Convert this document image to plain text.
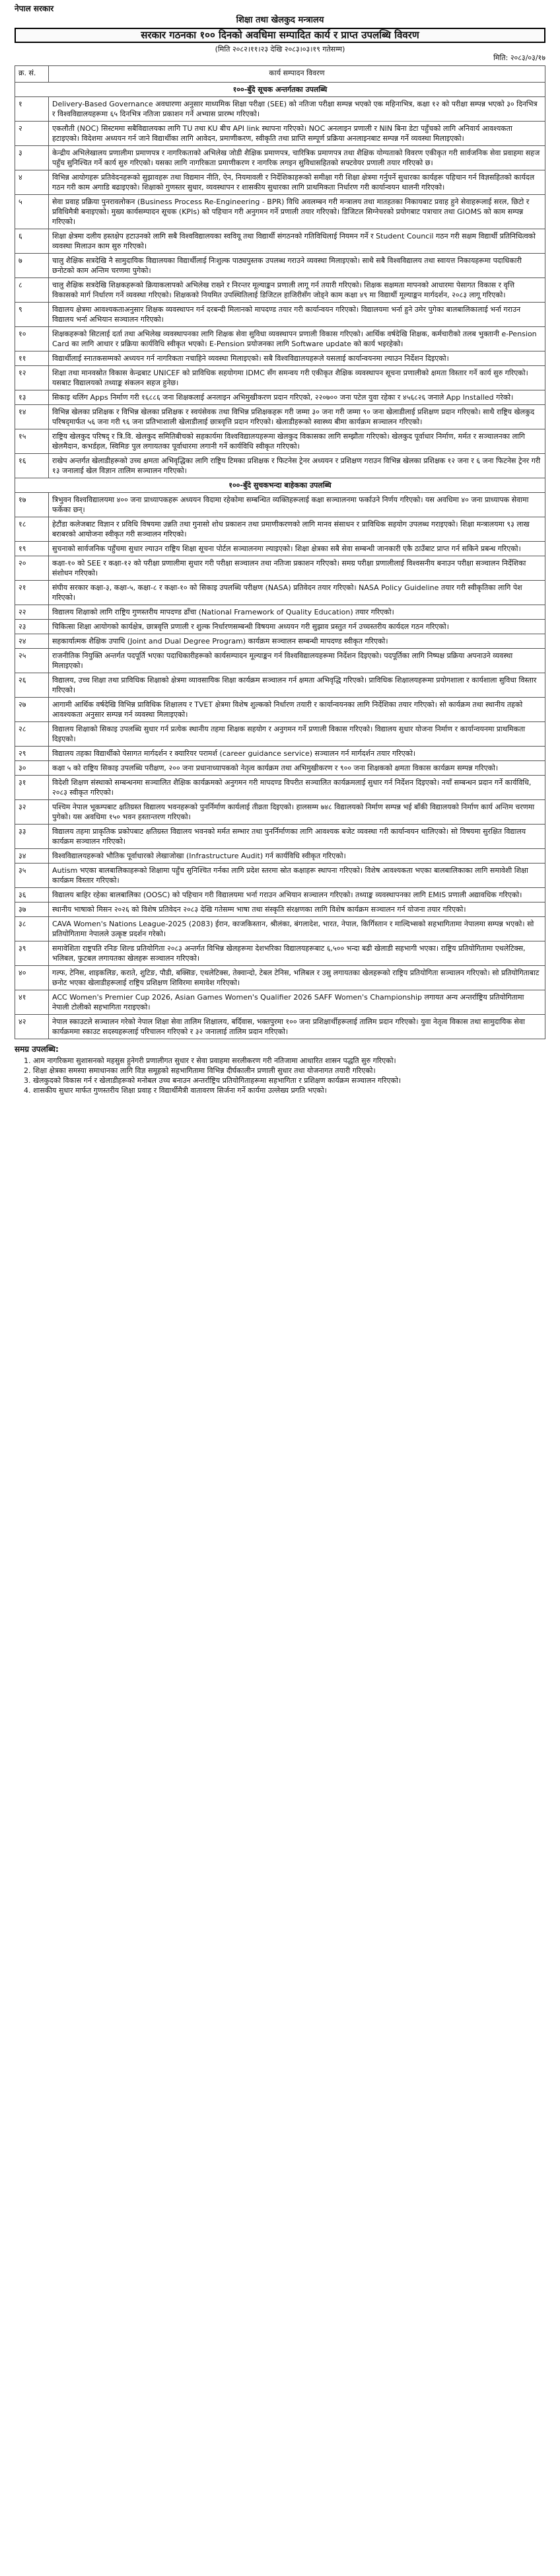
नेपाल सरकार
शिक्षा तथा खेलकुद मन्त्रालय
सरकार गठनका १०० दिनको अवधिमा सम्पादित कार्य र प्राप्त उपलब्धि विवरण
(मिति २०८२।११।२३ देखि २०८३।०३।१९ गतेसम्म)
मिति: २०८३/०३/१७
क्र. सं.	कार्य सम्पादन विवरण
१००-बुँदे सूचक अन्तर्गतका उपलब्धि	
१	Delivery-Based Governance अवधारणा अनुसार माध्यमिक शिक्षा परीक्षा (SEE) को नतिजा परीक्षा सम्पन्न भएको एक महिनाभित्र, कक्षा १२ को परीक्षा सम्पन्न भएको ३० दिनभित्र र विश्वविद्यालयहरूमा ६५ दिनभित्र नतिजा प्रकाशन गर्ने अभ्यास प्रारम्भ गरिएको।
२	एकलौती (NOC) सिस्टममा सबैविद्यालयका लागि TU तथा KU बीच API link स्थापना गरिएको। NOC अनलाइन प्रणाली र NIN बिना डेटा पहुँचको लागि अनिवार्य आवश्यकता हटाइएको। विदेशमा अध्ययन गर्न जाने विद्यार्थीका लागि आवेदन, प्रमाणीकरण, स्वीकृति तथा प्राप्ति सम्पूर्ण प्रक्रिया अनलाइनबाट सम्पन्न गर्ने व्यवस्था मिलाइएको।
३	केन्द्रीय अभिलेखालय प्रणालीमा प्रमाणपत्र र नागरिकताको अभिलेख जोडी शैक्षिक प्रमाणपत्र, चारित्रिक प्रमाणपत्र तथा शैक्षिक योग्यताको विवरण एकीकृत गरी सार्वजनिक सेवा प्रवाहमा सहज पहुँच सुनिश्चित गर्ने कार्य सुरु गरिएको। यसका लागि नागरिकता प्रमाणीकरण र नागरिक लगइन सुविधासहितको सफ्टवेयर प्रणाली तयार गरिएको छ।
४	विभिन्न आयोगहरू प्रतिवेदनहरूको सुझावहरू तथा विद्यमान नीति, ऐन, नियमावली र निर्देशिकाहरूको समीक्षा गरी शिक्षा क्षेत्रमा गर्नुपर्ने सुधारका कार्यहरू पहिचान गर्न विज्ञसहितको कार्यदल गठन गरी काम अगाडि बढाइएको। शिक्षाको गुणस्तर सुधार, व्यवस्थापन र शासकीय सुधारका लागि प्राथमिकता निर्धारण गरी कार्यान्वयन थालनी गरिएको।
५	सेवा प्रवाह प्रक्रिया पुनरावलोकन (Business Process Re-Engineering - BPR) विधि अवलम्बन गरी मन्त्रालय तथा मातहतका निकायबाट प्रवाह हुने सेवाहरूलाई सरल, छिटो र प्रविधिमैत्री बनाइएको। मुख्य कार्यसम्पादन सूचक (KPIs) को पहिचान गरी अनुगमन गर्ने प्रणाली तयार गरिएको। डिजिटल सिग्नेचरको प्रयोगबाट पत्राचार तथा GIOMS को काम सम्पन्न गरिएको।
६	शिक्षा क्षेत्रमा दलीय हस्तक्षेप हटाउनको लागि सबै विश्वविद्यालयका स्ववियू तथा विद्यार्थी संगठनको गतिविधिलाई नियमन गर्ने र Student Council गठन गरी सक्षम विद्यार्थी प्रतिनिधित्वको व्यवस्था मिलाउन काम सुरु गरिएको।
७	चालु शैक्षिक सत्रदेखि नै सामुदायिक विद्यालयका विद्यार्थीलाई निःशुल्क पाठ्यपुस्तक उपलब्ध गराउने व्यवस्था मिलाइएको। साथै सबै विश्वविद्यालय तथा स्वायत्त निकायहरूमा पदाधिकारी छनोटको काम अन्तिम चरणमा पुगेको।
८	चालु शैक्षिक सत्रदेखि शिक्षकहरूको क्रियाकलापको अभिलेख राख्ने र निरन्तर मूल्याङ्कन प्रणाली लागू गर्न तयारी गरिएको। शिक्षक सक्षमता मापनको आधारमा पेसागत विकास र वृत्ति विकासको मार्ग निर्धारण गर्ने व्यवस्था गरिएको। शिक्षकको नियमित उपस्थितिलाई डिजिटल हाजिरीसँग जोड्ने काम कक्षा ४९ मा विद्यार्थी मूल्याङ्कन मार्गदर्शन, २०८३ लागू गरिएको।
९	विद्यालय क्षेत्रमा आवश्यकताअनुसार शिक्षक व्यवस्थापन गर्न दरबन्दी मिलानको मापदण्ड तयार गरी कार्यान्वयन गरिएको। विद्यालयमा भर्ना हुने उमेर पुगेका बालबालिकालाई भर्ना गराउन विद्यालय भर्ना अभियान सञ्चालन गरिएको।
१०	शिक्षकहरूको सिटलाई दर्ता तथा अभिलेख व्यवस्थापनका लागि शिक्षक सेवा सुविधा व्यवस्थापन प्रणाली विकास गरिएको। आर्थिक वर्षदेखि शिक्षक, कर्मचारीको तलब भुक्तानी e-Pension Card का लागि आधार र प्रक्रिया कार्यविधि स्वीकृत भएको। E-Pension प्रयोजनका लागि Software update को कार्य भइरहेको।
११	विद्यार्थीलाई स्नातकसम्मको अध्ययन गर्न नागरिकता नचाहिने व्यवस्था मिलाइएको। सबै विश्वविद्यालयहरूले यसलाई कार्यान्वयनमा ल्याउन निर्देशन दिइएको।
१२	शिक्षा तथा मानवस्रोत विकास केन्द्रबाट UNICEF को प्राविधिक सहयोगमा IDMC सँग समन्वय गरी एकीकृत शैक्षिक व्यवस्थापन सूचना प्रणालीको क्षमता विस्तार गर्ने कार्य सुरु गरिएको। यसबाट विद्यालयको तथ्याङ्क संकलन सहज हुनेछ।
१३	सिकाइ थलिंग Apps निर्माण गरी १६८८६ जना शिक्षकलाई अनलाइन अभिमुखीकरण प्रदान गरिएको, २२०७०० जना पटेल युवा रहेका र ४५६८२६ जनाले App Installed गरेको।
१४	विभिन्न खेलका प्रशिक्षक र विभिन्न खेलका प्रशिक्षक र स्वयंसेवक तथा विभिन्न प्रशिक्षकहरू गरी जम्मा ३० जना गरी जम्मा ९० जना खेलाडीलाई प्रशिक्षण प्रदान गरिएको। साथै राष्ट्रिय खेलकुद परिषद्‌मार्फत ५६ जना गरी ९६ जना प्रतिभाशाली खेलाडीलाई छात्रवृत्ति प्रदान गरिएको। खेलाडीहरूको स्वास्थ्य बीमा कार्यक्रम सञ्चालन गरिएको।
१५	राष्ट्रिय खेलकुद परिषद् र त्रि.वि. खेलकुद समितिबीचको सहकार्यमा विश्वविद्यालयहरूमा खेलकुद विकासका लागि सम्झौता गरिएको। खेलकुद पूर्वाधार निर्माण, मर्मत र सञ्चालनका लागि खेलमैदान, कभर्डहल, स्विमिङ पुल लगायतका पूर्वाधारमा लगानी गर्ने कार्यविधि स्वीकृत गरिएको।
१६	राखेप अन्तर्गत खेलाडीहरूको उच्च क्षमता अभिवृद्धिका लागि राष्ट्रिय टिमका प्रशिक्षक र फिटनेस ट्रेनर अध्ययन र प्रशिक्षण गराउन विभिन्न खेलका प्रशिक्षक १२ जना र ६ जना फिटनेस ट्रेनर गरी १३ जनालाई खेल विज्ञान तालिम सञ्चालन गरिएको।
१००-बुँदे सुचकभन्दा बाहेकका उपलब्धि	
१७	त्रिभुवन विश्वविद्यालयमा ४०० जना प्राध्यापकहरू अध्ययन विदामा रहेकोमा सम्बन्धित व्यक्तिहरूलाई कक्षा सञ्चालनमा फर्काउने निर्णय गरिएको। यस अवधिमा ४० जना प्राध्यापक सेवामा फर्केका छन्।
१८	हेटौंडा कलेजबाट विज्ञान र प्रविधि विषयमा उन्नति तथा गुनासो शोध प्रकाशन तथा प्रमाणीकरणको लागि मानव संसाधन र प्राविधिक सहयोग उपलब्ध गराइएको। शिक्षा मन्त्रालयमा ९३ लाख बराबरको आयोजना स्वीकृत गरी सञ्चालन गरिएको।
१९	सुचनाको सार्वजनिक पहुँचमा सुधार ल्याउन राष्ट्रिय शिक्षा सूचना पोर्टल सञ्चालनमा ल्याइएको। शिक्षा क्षेत्रका सबै सेवा सम्बन्धी जानकारी एकै ठाउँबाट प्राप्त गर्न सकिने प्रबन्ध गरिएको।
२०	कक्षा-१० को SEE र कक्षा-१२ को परीक्षा प्रणालीमा सुधार गरी परीक्षा सञ्चालन तथा नतिजा प्रकाशन गरिएको। समग्र परीक्षा प्रणालीलाई विश्वसनीय बनाउन परीक्षा सञ्चालन निर्देशिका संशोधन गरिएको।
२१	संघीय सरकार कक्षा-३, कक्षा-५, कक्षा-८ र कक्षा-१० को सिकाइ उपलब्धि परीक्षण (NASA) प्रतिवेदन तयार गरिएको। NASA Policy Guideline तयार गरी स्वीकृतिका लागि पेश गरिएको।
२२	विद्यालय शिक्षाको लागि राष्ट्रिय गुणस्तरीय मापदण्ड ढाँचा (National Framework of Quality Education) तयार गरिएको।
२३	चिकित्सा शिक्षा आयोगको कार्यक्षेत्र, छात्रवृत्ति प्रणाली र शुल्क निर्धारणसम्बन्धी विषयमा अध्ययन गरी सुझाव प्रस्तुत गर्न उच्चस्तरीय कार्यदल गठन गरिएको।
२४	सहकार्यात्मक शैक्षिक उपाधि (Joint and Dual Degree Program) कार्यक्रम सञ्चालन सम्बन्धी मापदण्ड स्वीकृत गरिएको।
२५	राजनीतिक नियुक्ति अन्तर्गत पदपूर्ति भएका पदाधिकारीहरूको कार्यसम्पादन मूल्याङ्कन गर्न विश्वविद्यालयहरूमा निर्देशन दिइएको। पदपूर्तिका लागि निष्पक्ष प्रक्रिया अपनाउने व्यवस्था मिलाइएको।
२६	विद्यालय, उच्च शिक्षा तथा प्राविधिक शिक्षाको क्षेत्रमा व्यावसायिक शिक्षा कार्यक्रम सञ्चालन गर्न क्षमता अभिवृद्धि गरिएको। प्राविधिक शिक्षालयहरूमा प्रयोगशाला र कार्यशाला सुविधा विस्तार गरिएको।
२७	आगामी आर्थिक वर्षदेखि विभिन्न प्राविधिक शिक्षालय र TVET क्षेत्रमा विशेष शुल्कको निर्धारण तयारी र कार्यान्वयनका लागि निर्देशिका तयार गरिएको। सो कार्यक्रम तथा स्थानीय तहको आवश्यकता अनुसार सम्पन्न गर्न व्यवस्था मिलाइएको।
२८	विद्यालय शिक्षाको सिकाइ उपलब्धि सुधार गर्न प्रत्येक स्थानीय तहमा शिक्षक सहयोग र अनुगमन गर्ने प्रणाली विकास गरिएको। विद्यालय सुधार योजना निर्माण र कार्यान्वयनमा प्राथमिकता दिइएको।
२९	विद्यालय तहका विद्यार्थीको पेसागत मार्गदर्शन र क्यारियर परामर्श (career guidance service) सञ्चालन गर्न मार्गदर्शन तयार गरिएको।
३०	कक्षा ५ को राष्ट्रिय सिकाइ उपलब्धि परीक्षण, २०० जना प्रधानाध्यापकको नेतृत्व कार्यक्रम तथा अभिमुखीकरण र ९०० जना शिक्षकको क्षमता विकास कार्यक्रम सम्पन्न गरिएको।
३१	विदेशी शिक्षण संस्थाको सम्बन्धनमा सञ्चालित शैक्षिक कार्यक्रमको अनुगमन गरी मापदण्ड विपरीत सञ्चालित कार्यक्रमलाई सुधार गर्न निर्देशन दिइएको। नयाँ सम्बन्धन प्रदान गर्ने कार्यविधि, २०८३ स्वीकृत गरिएको।
३२	पश्चिम नेपाल भूकम्पबाट क्षतिग्रस्त विद्यालय भवनहरूको पुनर्निर्माण कार्यलाई तीव्रता दिइएको। हालसम्म ७४८ विद्यालयको निर्माण सम्पन्न भई बाँकी विद्यालयको निर्माण कार्य अन्तिम चरणमा पुगेको। यस अवधिमा १५० भवन हस्तान्तरण गरिएको।
३३	विद्यालय तहमा प्राकृतिक प्रकोपबाट क्षतिग्रस्त विद्यालय भवनको मर्मत सम्भार तथा पुनर्निर्माणका लागि आवश्यक बजेट व्यवस्था गरी कार्यान्वयन थालिएको। सो विषयमा सुरक्षित विद्यालय कार्यक्रम सञ्चालन गरिएको।
३४	विश्वविद्यालयहरूको भौतिक पूर्वाधारको लेखाजोखा (Infrastructure Audit) गर्न कार्यविधि स्वीकृत गरिएको।
३५	Autism भएका बालबालिकाहरूको शिक्षामा पहुँच सुनिश्चित गर्नका लागि प्रदेश स्तरमा स्रोत कक्षाहरू स्थापना गरिएको। विशेष आवश्यकता भएका बालबालिकाका लागि समावेशी शिक्षा कार्यक्रम विस्तार गरिएको।
३६	विद्यालय बाहिर रहेका बालबालिका (OOSC) को पहिचान गरी विद्यालयमा भर्ना गराउन अभियान सञ्चालन गरिएको। तथ्याङ्क व्यवस्थापनका लागि EMIS प्रणाली अद्यावधिक गरिएको।
३७	स्थानीय भाषाको मिसन २०२६ को विशेष प्रतिवेदन २०८३ देखि गतेसम्म भाषा तथा संस्कृति संरक्षणका लागि विशेष कार्यक्रम सञ्चालन गर्न योजना तयार गरिएको।
३८	CAVA Women's Nations League-2025 (2083) ईरान, काजकिस्तान, श्रीलंका, बंगलादेश, भारत, नेपाल, किर्गिस्तान र माल्दिभ्सको सहभागितामा नेपालमा सम्पन्न भएको। सो प्रतियोगितामा नेपालले उत्कृष्ट प्रदर्शन गरेको।
३९	समावेशिता राष्ट्रपति रनिङ शिल्ड प्रतियोगिता २०८३ अन्तर्गत विभिन्न खेलहरूमा देशभरिका विद्यालयहरूबाट ६,५०० भन्दा बढी खेलाडी सहभागी भएका। राष्ट्रिय प्रतियोगितामा एथलेटिक्स, भलिबल, फुटबल लगायतका खेलहरू सञ्चालन गरिएको।
४०	गल्फ, टेनिस, शाइकलिङ, कराते, शुटिङ, पौडी, बक्सिङ, एथलेटिक्स, तेक्वान्दो, टेबल टेनिस, भलिबल र उसु लगायतका खेलहरूको राष्ट्रिय प्रतियोगिता सञ्चालन गरिएको। सो प्रतियोगिताबाट छनोट भएका खेलाडीहरूलाई राष्ट्रिय प्रशिक्षण शिविरमा समावेश गरिएको।
४१	ACC Women's Premier Cup 2026, Asian Games Women's Qualifier 2026 SAFF Women's Championship लगायत अन्य अन्तर्राष्ट्रिय प्रतियोगितामा नेपाली टोलीको सहभागिता गराइएको।
४२	नेपाल स्काउटले सञ्चालन गरेको नेपाल शिक्षा सेवा तालिम शिक्षालय, बर्दिवास, भक्तपुरमा १०० जना प्रशिक्षार्थीहरूलाई तालिम प्रदान गरिएको। युवा नेतृत्व विकास तथा सामुदायिक सेवा कार्यक्रममा स्काउट सदस्यहरूलाई परिचालन गरिएको र ३२ जनालाई तालिम प्रदान गरिएको।
समग्र उपलब्धि:
1. आम नागरिकमा सुशासनको महसुस हुनेगरी प्रणालीगत सुधार र सेवा प्रवाहमा सरलीकरण गरी नतिजामा आधारित शासन पद्धति सुरु गरिएको।
2. शिक्षा क्षेत्रका समस्या समाधानका लागि विज्ञ समूहको सहभागितामा विभिन्न दीर्घकालीन प्रणाली सुधार तथा योजनागत तयारी गरिएको।
3. खेलकुदको विकास गर्न र खेलाडीहरूको मनोबल उच्च बनाउन अन्तर्राष्ट्रिय प्रतियोगिताहरूमा सहभागिता र प्रशिक्षण कार्यक्रम सञ्चालन गरिएको।
4. शासकीय सुधार मार्फत गुणस्तरीय शिक्षा प्रवाह र विद्यार्थीमैत्री वातावरण सिर्जना गर्ने कार्यमा उल्लेख्य प्रगति भएको।
